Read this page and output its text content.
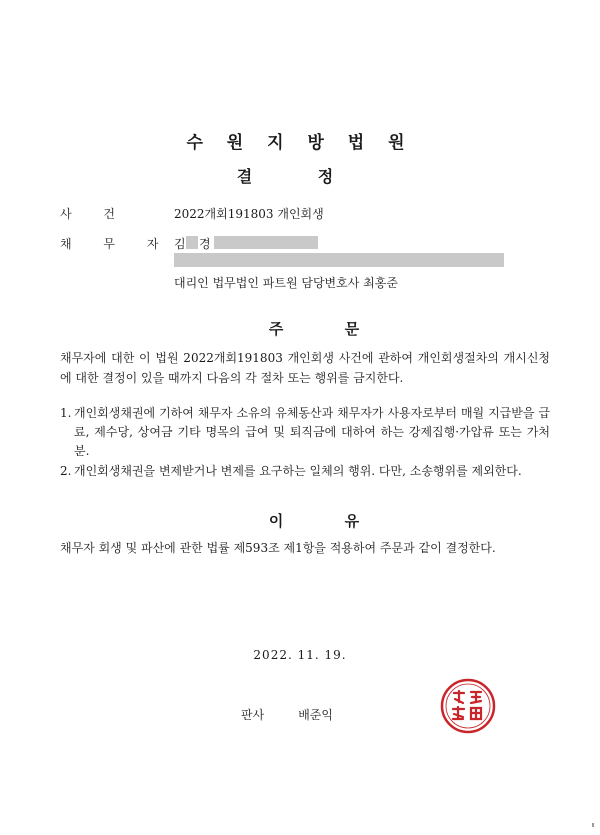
수 원 지 방 법 원
결 정
사 건	2022개회191803 개인회생
채 무 자 김 경
대리인 법무법인 파트원 담당변호사 최홍준
주 문
채무자에 대한 이 법원 2022개회191803 개인회생 사건에 관하여 개인회생절차의 개시신청에 대한 결정이 있을 때까지 다음의 각 절차 또는 행위를 금지한다.
1. 개인회생채권에 기하여 채무자 소유의 유체동산과 채무자가 사용자로부터 매월 지급받을 급료, 제수당, 상여금 기타 명목의 급여 및 퇴직금에 대하여 하는 강제집행·가압류 또는 가처분.
2. 개인회생채권을 변제받거나 변제를 요구하는 일체의 행위. 다만, 소송행위를 제외한다.
이 유
채무자 회생 및 파산에 관한 법률 제593조 제1항을 적용하여 주문과 같이 결정한다.
2022. 11. 19.
판사	배준익
